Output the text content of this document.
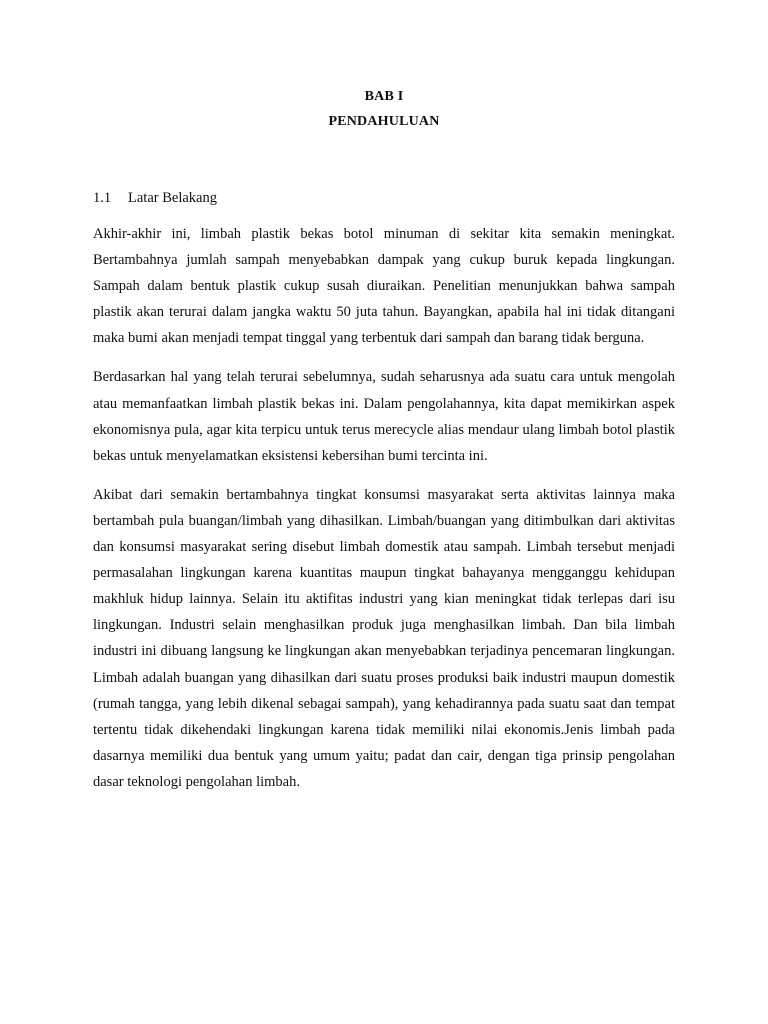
BAB I
PENDAHULUAN
1.1 Latar Belakang

Akhir-akhir ini, limbah plastik bekas botol minuman di sekitar kita semakin meningkat. Bertambahnya jumlah sampah menyebabkan dampak yang cukup buruk kepada lingkungan. Sampah dalam bentuk plastik cukup susah diuraikan. Penelitian menunjukkan bahwa sampah plastik akan terurai dalam jangka waktu 50 juta tahun. Bayangkan, apabila hal ini tidak ditangani maka bumi akan menjadi tempat tinggal yang terbentuk dari sampah dan barang tidak berguna.

Berdasarkan hal yang telah terurai sebelumnya, sudah seharusnya ada suatu cara untuk mengolah atau memanfaatkan limbah plastik bekas ini. Dalam pengolahannya, kita dapat memikirkan aspek ekonomisnya pula, agar kita terpicu untuk terus merecycle alias mendaur ulang limbah botol plastik bekas untuk menyelamatkan eksistensi kebersihan bumi tercinta ini.

Akibat dari semakin bertambahnya tingkat konsumsi masyarakat serta aktivitas lainnya maka bertambah pula buangan/limbah yang dihasilkan. Limbah/buangan yang ditimbulkan dari aktivitas dan konsumsi masyarakat sering disebut limbah domestik atau sampah. Limbah tersebut menjadi permasalahan lingkungan karena kuantitas maupun tingkat bahayanya mengganggu kehidupan makhluk hidup lainnya. Selain itu aktifitas industri yang kian meningkat tidak terlepas dari isu lingkungan. Industri selain menghasilkan produk juga menghasilkan limbah. Dan bila limbah industri ini dibuang langsung ke lingkungan akan menyebabkan terjadinya pencemaran lingkungan. Limbah adalah buangan yang dihasilkan dari suatu proses produksi baik industri maupun domestik (rumah tangga, yang lebih dikenal sebagai sampah), yang kehadirannya pada suatu saat dan tempat tertentu tidak dikehendaki lingkungan karena tidak memiliki nilai ekonomis.Jenis limbah pada dasarnya memiliki dua bentuk yang umum yaitu; padat dan cair, dengan tiga prinsip pengolahan dasar teknologi pengolahan limbah.
